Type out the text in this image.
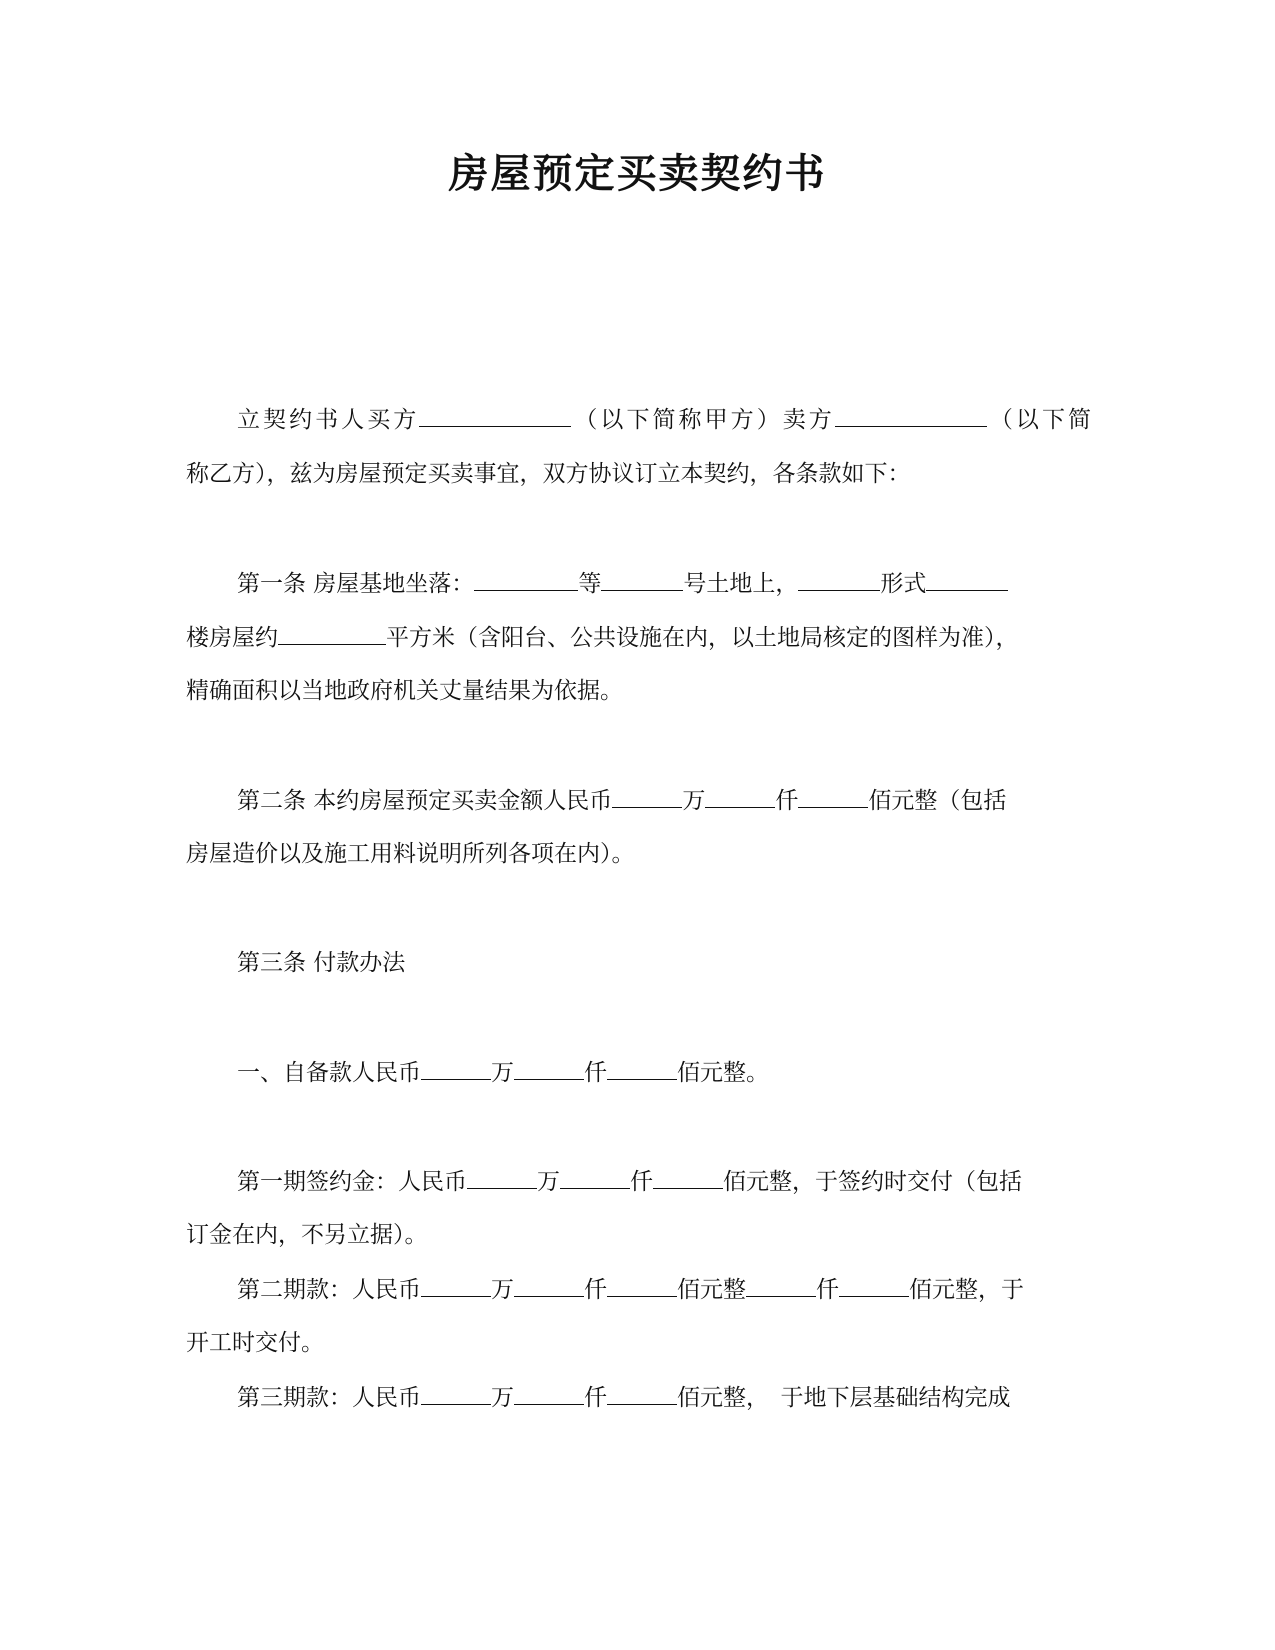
房屋预定买卖契约书
立契约书人买方	（以下简称甲方）卖方	（以下简
称乙方），兹为房屋预定买卖事宜，双方协议订立本契约，各条款如下：
第一条 房屋基地坐落：	等	号土地上，	形式
楼房屋约	平方米（含阳台、公共设施在内，以土地局核定的图样为准），
精确面积以当地政府机关丈量结果为依据。
第二条 本约房屋预定买卖金额人民币	万	仟	佰元整（包括
房屋造价以及施工用料说明所列各项在内）。
第三条 付款办法
一、自备款人民币	万	仟	佰元整。
第一期签约金：人民币	万	仟	佰元整，于签约时交付（包括
订金在内，不另立据）。
第二期款：人民币	万	仟	佰元整	仟	佰元整，于
开工时交付。
第三期款：人民币	万	仟	佰元整，　于地下层基础结构完成
